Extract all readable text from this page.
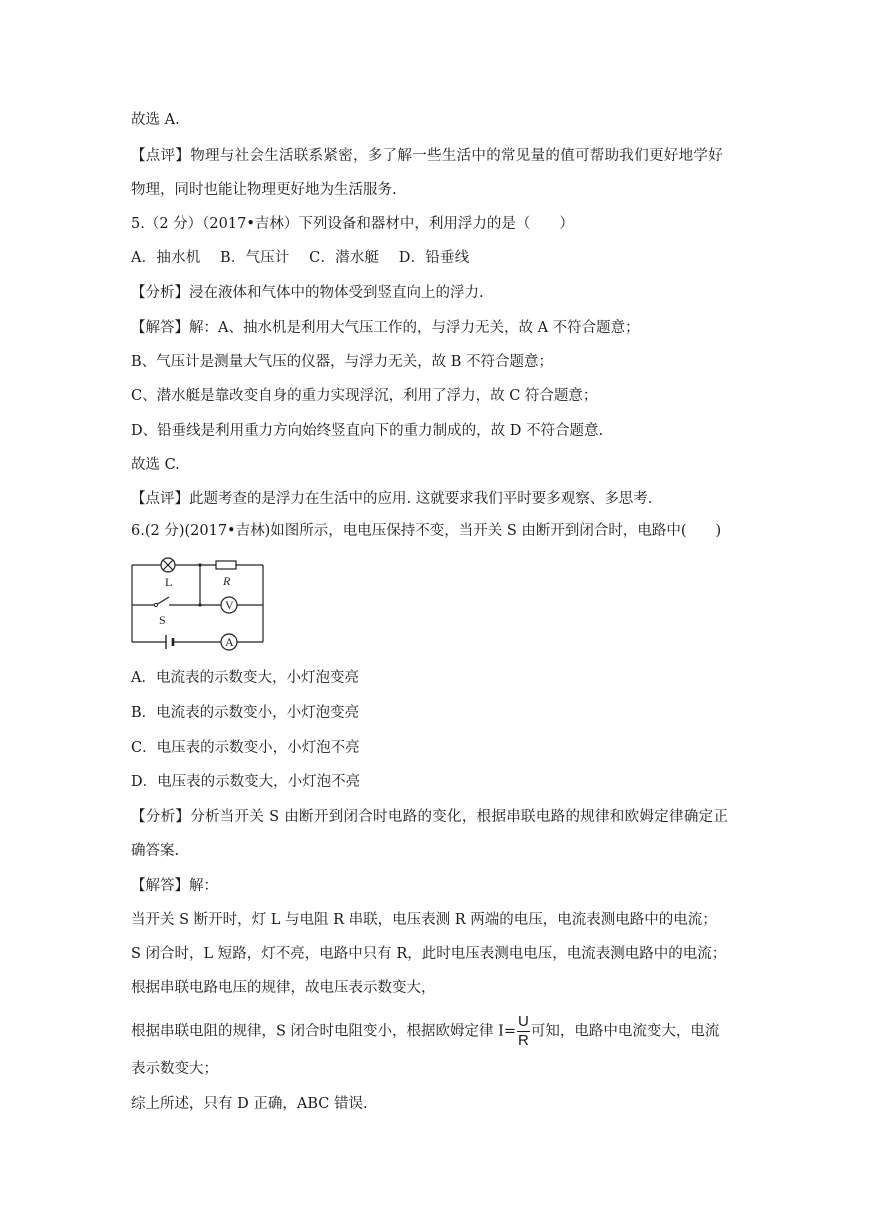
故选 A.
【点评】物理与社会生活联系紧密，多了解一些生活中的常见量的值可帮助我们更好地学好
物理，同时也能让物理更好地为生活服务.
5.（2 分）（2017•吉林）下列设备和器材中，利用浮力的是（　　）
A．抽水机　 B．气压计　 C．潜水艇　 D．铅垂线
【分析】浸在液体和气体中的物体受到竖直向上的浮力.
【解答】解：A、抽水机是利用大气压工作的，与浮力无关，故 A 不符合题意；
B、气压计是测量大气压的仪器，与浮力无关，故 B 不符合题意；
C、潜水艇是靠改变自身的重力实现浮沉，利用了浮力，故 C 符合题意；
D、铅垂线是利用重力方向始终竖直向下的重力制成的，故 D 不符合题意.
故选 C.
【点评】此题考查的是浮力在生活中的应用. 这就要求我们平时要多观察、多思考.
6.(2 分)(2017•吉林)如图所示，电电压保持不变，当开关 S 由断开到闭合时，电路中(　　)
L	R
S
V
A
A．电流表的示数变大，小灯泡变亮
B．电流表的示数变小，小灯泡变亮
C．电压表的示数变小，小灯泡不亮
D．电压表的示数变大，小灯泡不亮
【分析】分析当开关 S 由断开到闭合时电路的变化，根据串联电路的规律和欧姆定律确定正
确答案.
【解答】解：
当开关 S 断开时，灯 L 与电阻 R 串联，电压表测 R 两端的电压，电流表测电路中的电流；
S 闭合时，L 短路，灯不亮，电路中只有 R，此时电压表测电电压，电流表测电路中的电流；
根据串联电路电压的规律，故电压表示数变大，
根据串联电阻的规律，S 闭合时电阻变小，根据欧姆定律 $I= \frac{U}{R}$ 可知，电路中电流变大，电流
表示数变大；
综上所述，只有 D 正确，ABC 错误.
